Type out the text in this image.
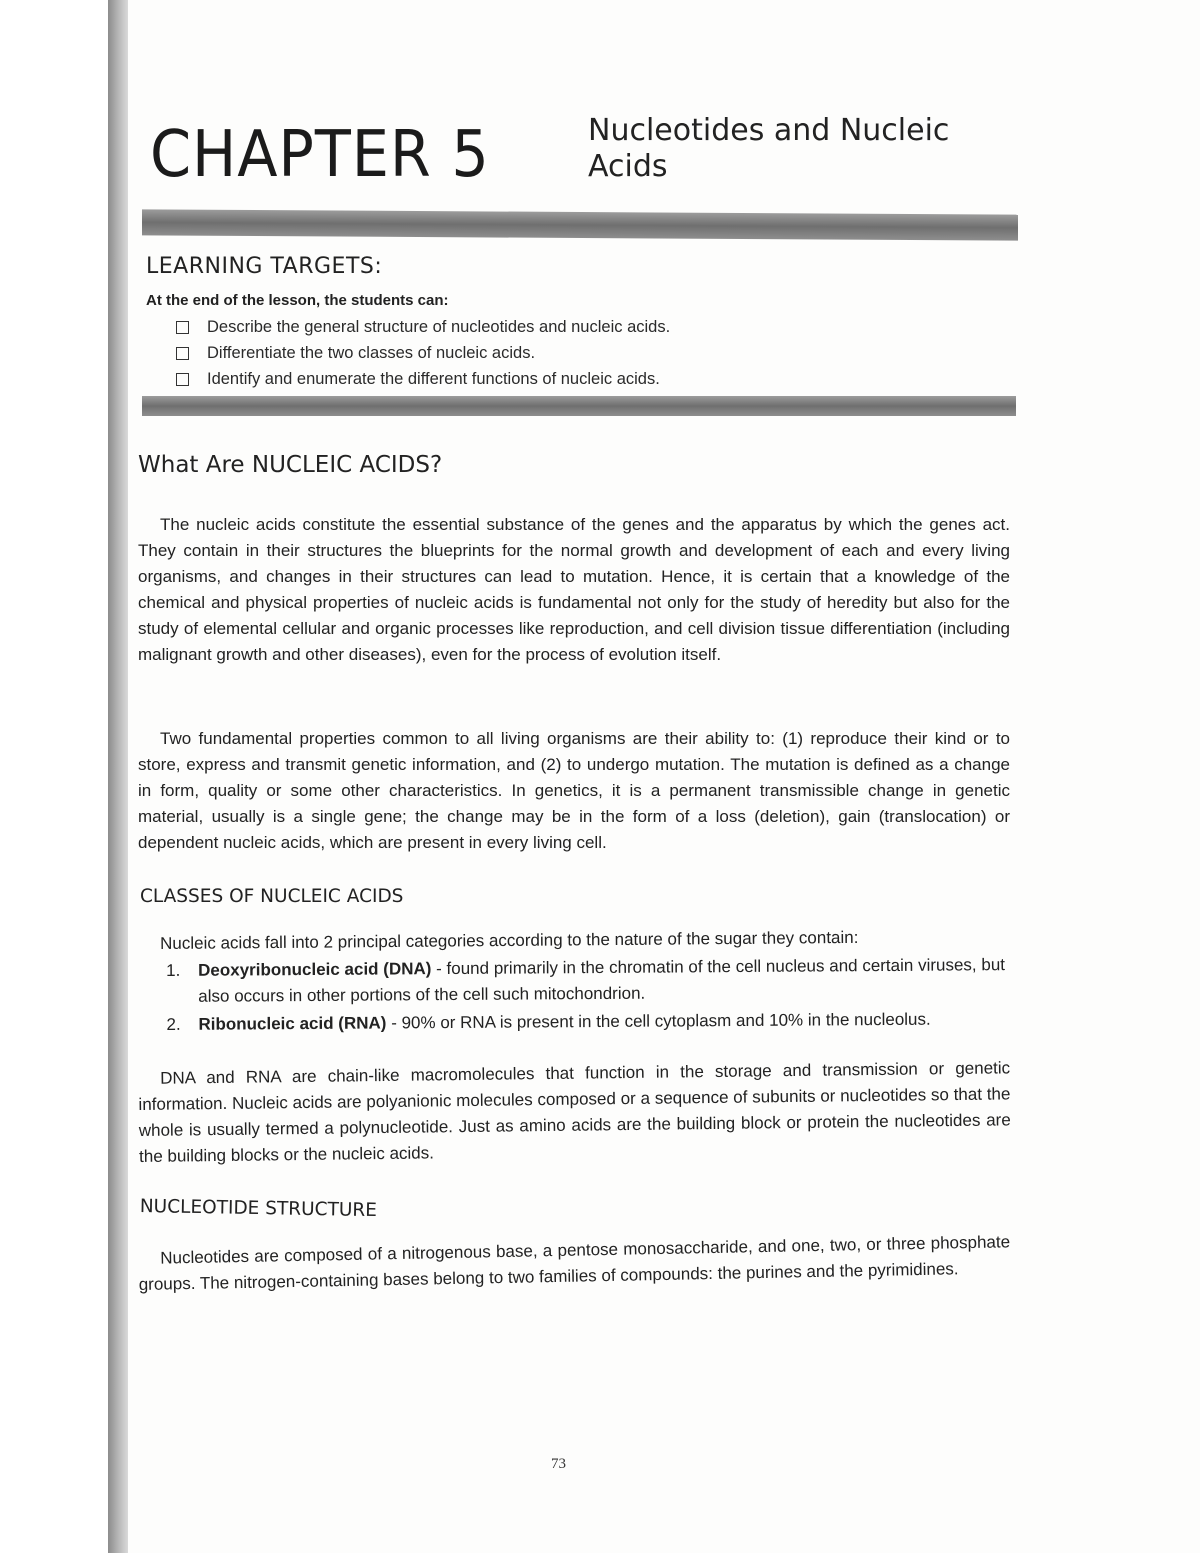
CHAPTER 5	Nucleotides and Nucleic
Acids
LEARNING TARGETS:
At the end of the lesson, the students can:
Describe the general structure of nucleotides and nucleic acids.
Differentiate the two classes of nucleic acids.
Identify and enumerate the different functions of nucleic acids.
What Are NUCLEIC ACIDS?

The nucleic acids constitute the essential substance of the genes and the apparatus by which the genes act. They contain in their structures the blueprints for the normal growth and development of each and every living organisms, and changes in their structures can lead to mutation. Hence, it is certain that a knowledge of the chemical and physical properties of nucleic acids is fundamental not only for the study of heredity but also for the study of elemental cellular and organic processes like reproduction, and cell division tissue differentiation (including malignant growth and other diseases), even for the process of evolution itself.

Two fundamental properties common to all living organisms are their ability to: (1) reproduce their kind or to store, express and transmit genetic information, and (2) to undergo mutation. The mutation is defined as a change in form, quality or some other characteristics. In genetics, it is a permanent transmissible change in genetic material, usually is a single gene; the change may be in the form of a loss (deletion), gain (translocation) or dependent nucleic acids, which are present in every living cell.

CLASSES OF NUCLEIC ACIDS
Nucleic acids fall into 2 principal categories according to the nature of the sugar they contain:
1.	Deoxyribonucleic acid (DNA) - found primarily in the chromatin of the cell nucleus and certain viruses, but also occurs in other portions of the cell such mitochondrion.
2.	Ribonucleic acid (RNA) - 90% or RNA is present in the cell cytoplasm and 10% in the nucleolus.

DNA and RNA are chain-like macromolecules that function in the storage and transmission or genetic information. Nucleic acids are polyanionic molecules composed or a sequence of subunits or nucleotides so that the whole is usually termed a polynucleotide. Just as amino acids are the building block or protein the nucleotides are the building blocks or the nucleic acids.

NUCLEOTIDE STRUCTURE

Nucleotides are composed of a nitrogenous base, a pentose monosaccharide, and one, two, or three phosphate groups. The nitrogen-containing bases belong to two families of compounds: the purines and the pyrimidines.

73
